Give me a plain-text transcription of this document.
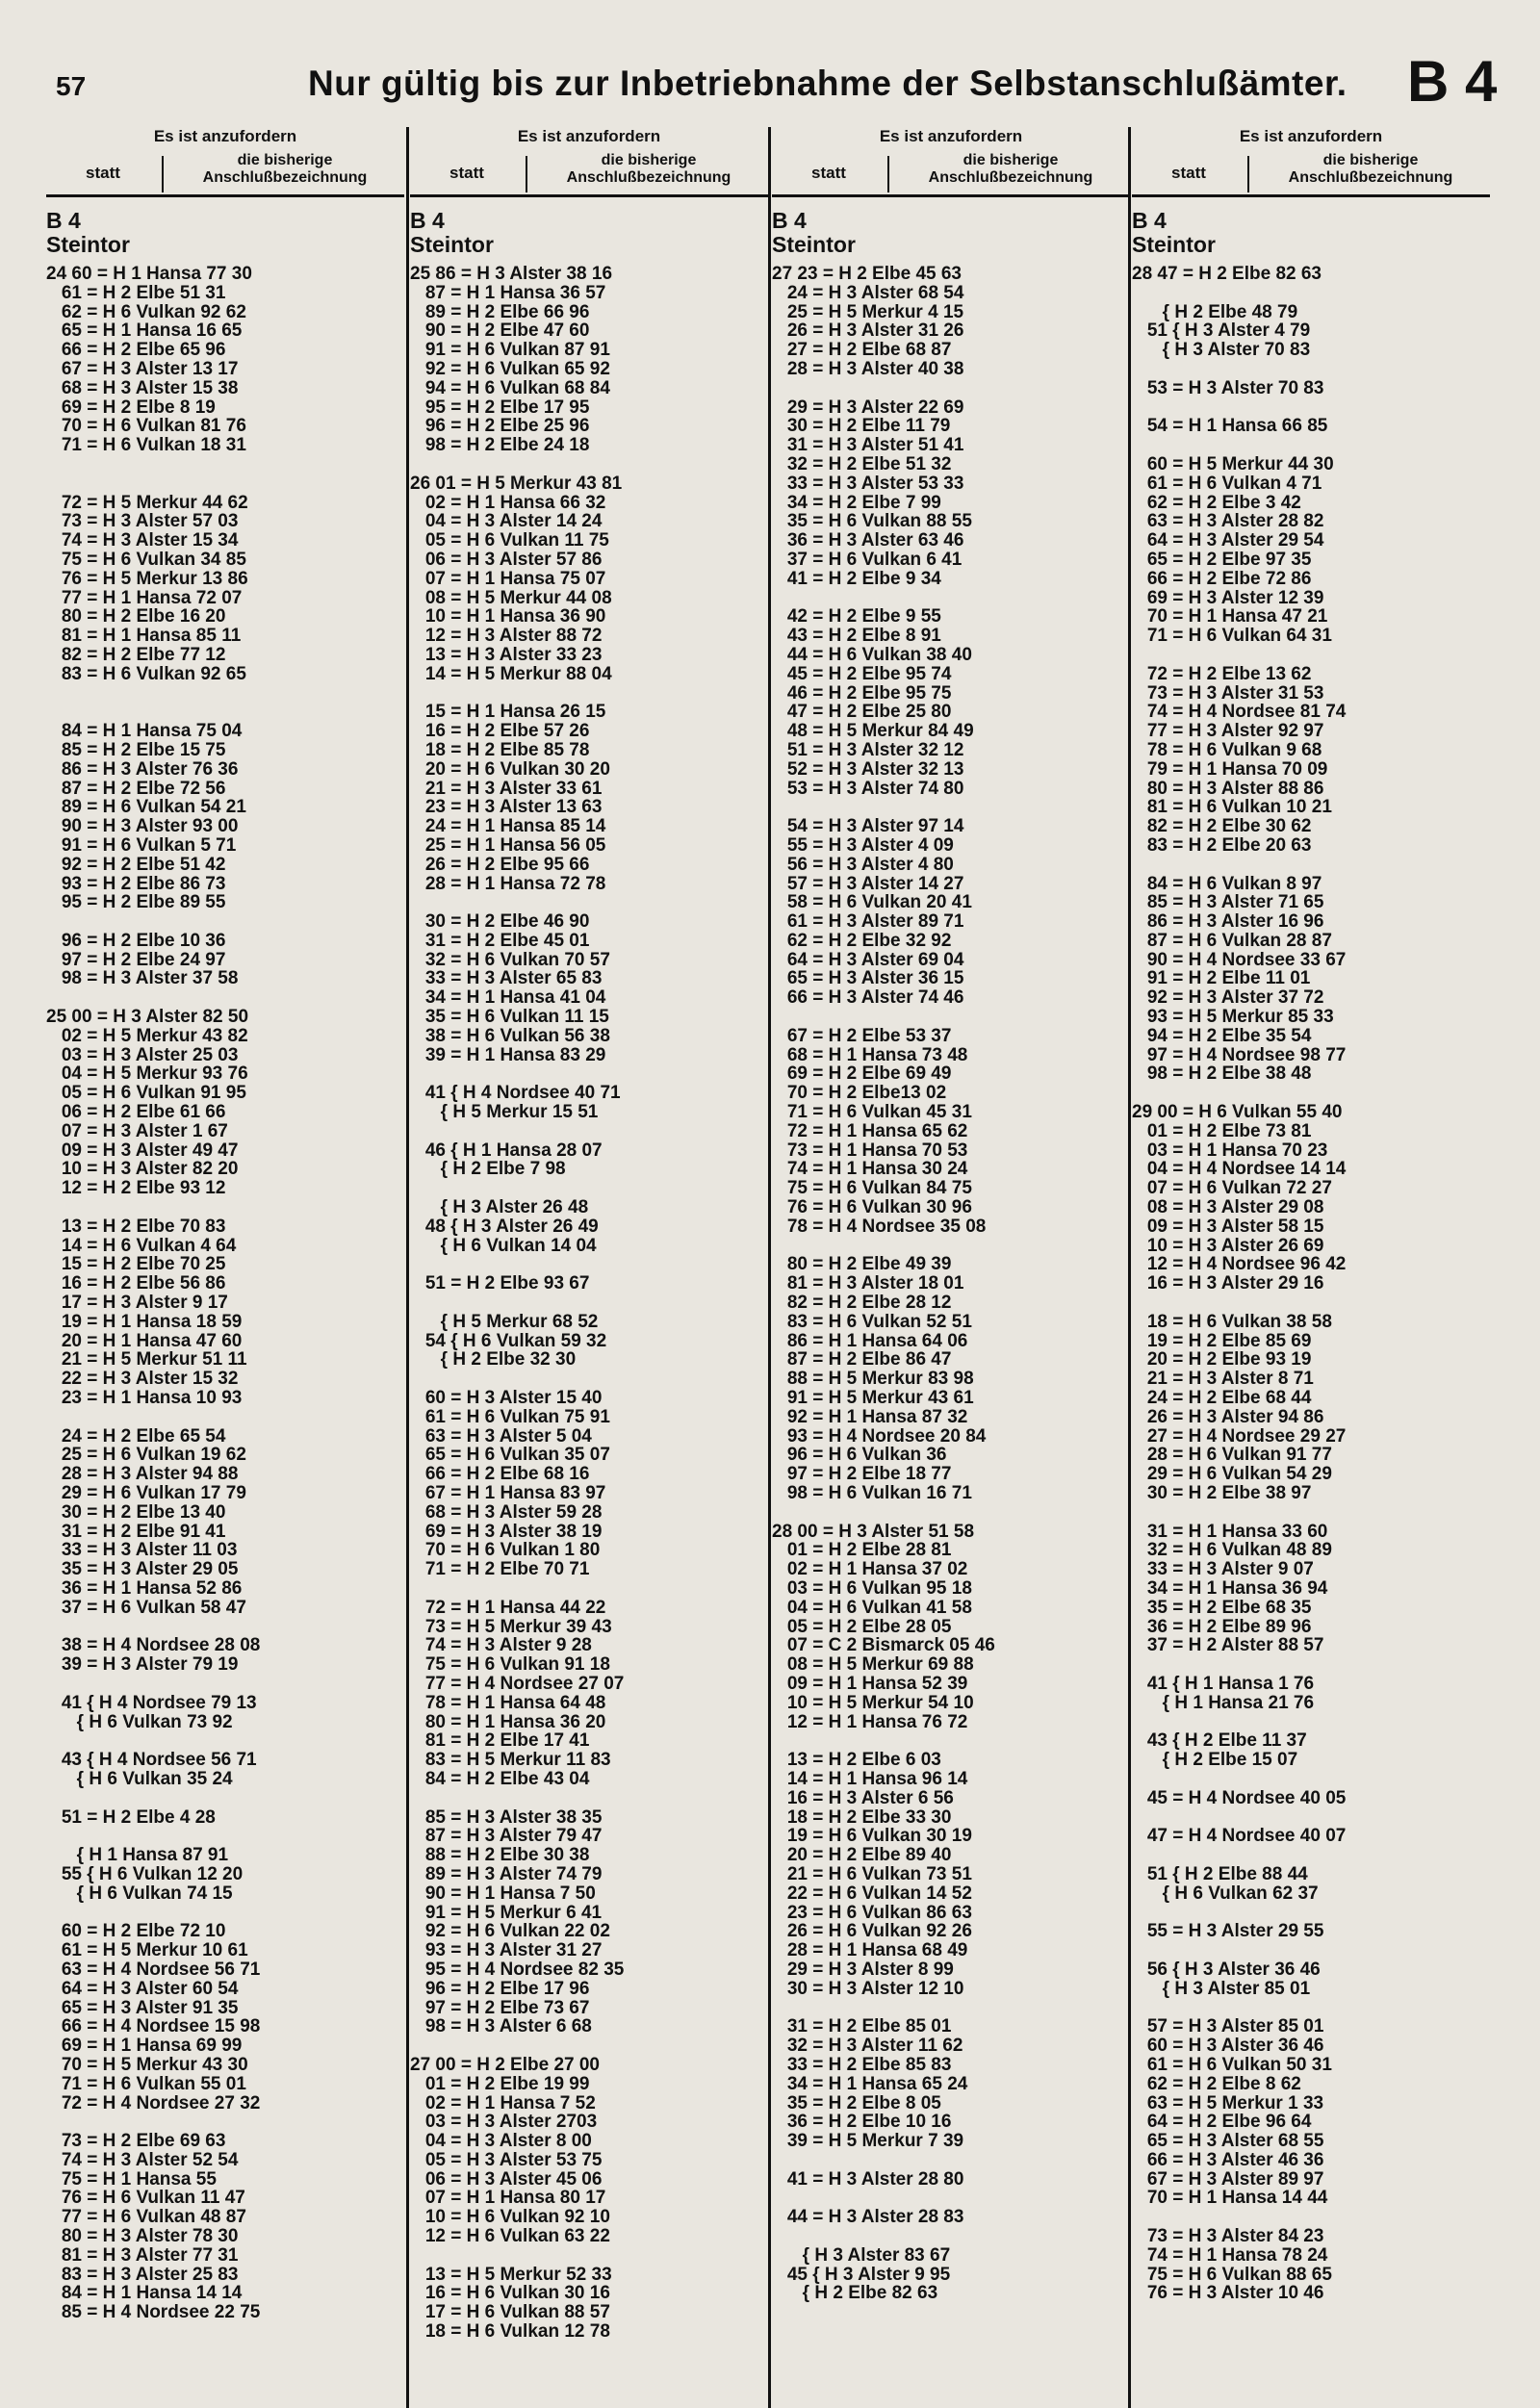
57	Nur gültig bis zur Inbetriebnahme der Selbstanschlußämter. B 4
Es ist anzufordern
statt
die bisherige
Anschlußbezeichnung
B 4
Steintor
24 60 = H 1 Hansa 77 30
61 = H 2 Elbe 51 31
62 = H 6 Vulkan 92 62
65 = H 1 Hansa 16 65
66 = H 2 Elbe 65 96
67 = H 3 Alster 13 17
68 = H 3 Alster 15 38
69 = H 2 Elbe 8 19
70 = H 6 Vulkan 81 76
71 = H 6 Vulkan 18 31

72 = H 5 Merkur 44 62
73 = H 3 Alster 57 03
74 = H 3 Alster 15 34
75 = H 6 Vulkan 34 85
76 = H 5 Merkur 13 86
77 = H 1 Hansa 72 07
80 = H 2 Elbe 16 20
81 = H 1 Hansa 85 11
82 = H 2 Elbe 77 12
83 = H 6 Vulkan 92 65

84 = H 1 Hansa 75 04
85 = H 2 Elbe 15 75
86 = H 3 Alster 76 36
87 = H 2 Elbe 72 56
89 = H 6 Vulkan 54 21
90 = H 3 Alster 93 00
91 = H 6 Vulkan 5 71
92 = H 2 Elbe 51 42
93 = H 2 Elbe 86 73
95 = H 2 Elbe 89 55

96 = H 2 Elbe 10 36
97 = H 2 Elbe 24 97
98 = H 3 Alster 37 58

25 00 = H 3 Alster 82 50
02 = H 5 Merkur 43 82
03 = H 3 Alster 25 03
04 = H 5 Merkur 93 76
05 = H 6 Vulkan 91 95
06 = H 2 Elbe 61 66
07 = H 3 Alster 1 67
09 = H 3 Alster 49 47
10 = H 3 Alster 82 20
12 = H 2 Elbe 93 12

13 = H 2 Elbe 70 83
14 = H 6 Vulkan 4 64
15 = H 2 Elbe 70 25
16 = H 2 Elbe 56 86
17 = H 3 Alster 9 17
19 = H 1 Hansa 18 59
20 = H 1 Hansa 47 60
21 = H 5 Merkur 51 11
22 = H 3 Alster 15 32
23 = H 1 Hansa 10 93

24 = H 2 Elbe 65 54
25 = H 6 Vulkan 19 62
28 = H 3 Alster 94 88
29 = H 6 Vulkan 17 79
30 = H 2 Elbe 13 40
31 = H 2 Elbe 91 41
33 = H 3 Alster 11 03
35 = H 3 Alster 29 05
36 = H 1 Hansa 52 86
37 = H 6 Vulkan 58 47

38 = H 4 Nordsee 28 08
39 = H 3 Alster 79 19

41 { H 4 Nordsee 79 13
{ H 6 Vulkan 73 92

43 { H 4 Nordsee 56 71
{ H 6 Vulkan 35 24

51 = H 2 Elbe 4 28

{ H 1 Hansa 87 91
55 { H 6 Vulkan 12 20
{ H 6 Vulkan 74 15

60 = H 2 Elbe 72 10
61 = H 5 Merkur 10 61
63 = H 4 Nordsee 56 71
64 = H 3 Alster 60 54
65 = H 3 Alster 91 35
66 = H 4 Nordsee 15 98
69 = H 1 Hansa 69 99
70 = H 5 Merkur 43 30
71 = H 6 Vulkan 55 01
72 = H 4 Nordsee 27 32

73 = H 2 Elbe 69 63
74 = H 3 Alster 52 54
75 = H 1 Hansa 55
76 = H 6 Vulkan 11 47
77 = H 6 Vulkan 48 87
80 = H 3 Alster 78 30
81 = H 3 Alster 77 31
83 = H 3 Alster 25 83
84 = H 1 Hansa 14 14
85 = H 4 Nordsee 22 75
Es ist anzufordern
statt
die bisherige
Anschlußbezeichnung
B 4
Steintor
25 86 = H 3 Alster 38 16
87 = H 1 Hansa 36 57
89 = H 2 Elbe 66 96
90 = H 2 Elbe 47 60
91 = H 6 Vulkan 87 91
92 = H 6 Vulkan 65 92
94 = H 6 Vulkan 68 84
95 = H 2 Elbe 17 95
96 = H 2 Elbe 25 96
98 = H 2 Elbe 24 18

26 01 = H 5 Merkur 43 81
02 = H 1 Hansa 66 32
04 = H 3 Alster 14 24
05 = H 6 Vulkan 11 75
06 = H 3 Alster 57 86
07 = H 1 Hansa 75 07
08 = H 5 Merkur 44 08
10 = H 1 Hansa 36 90
12 = H 3 Alster 88 72
13 = H 3 Alster 33 23
14 = H 5 Merkur 88 04

15 = H 1 Hansa 26 15
16 = H 2 Elbe 57 26
18 = H 2 Elbe 85 78
20 = H 6 Vulkan 30 20
21 = H 3 Alster 33 61
23 = H 3 Alster 13 63
24 = H 1 Hansa 85 14
25 = H 1 Hansa 56 05
26 = H 2 Elbe 95 66
28 = H 1 Hansa 72 78

30 = H 2 Elbe 46 90
31 = H 2 Elbe 45 01
32 = H 6 Vulkan 70 57
33 = H 3 Alster 65 83
34 = H 1 Hansa 41 04
35 = H 6 Vulkan 11 15
38 = H 6 Vulkan 56 38
39 = H 1 Hansa 83 29

41 { H 4 Nordsee 40 71
{ H 5 Merkur 15 51

46 { H 1 Hansa 28 07
{ H 2 Elbe 7 98

{ H 3 Alster 26 48
48 { H 3 Alster 26 49
{ H 6 Vulkan 14 04

51 = H 2 Elbe 93 67

{ H 5 Merkur 68 52
54 { H 6 Vulkan 59 32
{ H 2 Elbe 32 30

60 = H 3 Alster 15 40
61 = H 6 Vulkan 75 91
63 = H 3 Alster 5 04
65 = H 6 Vulkan 35 07
66 = H 2 Elbe 68 16
67 = H 1 Hansa 83 97
68 = H 3 Alster 59 28
69 = H 3 Alster 38 19
70 = H 6 Vulkan 1 80
71 = H 2 Elbe 70 71

72 = H 1 Hansa 44 22
73 = H 5 Merkur 39 43
74 = H 3 Alster 9 28
75 = H 6 Vulkan 91 18
77 = H 4 Nordsee 27 07
78 = H 1 Hansa 64 48
80 = H 1 Hansa 36 20
81 = H 2 Elbe 17 41
83 = H 5 Merkur 11 83
84 = H 2 Elbe 43 04

85 = H 3 Alster 38 35
87 = H 3 Alster 79 47
88 = H 2 Elbe 30 38
89 = H 3 Alster 74 79
90 = H 1 Hansa 7 50
91 = H 5 Merkur 6 41
92 = H 6 Vulkan 22 02
93 = H 3 Alster 31 27
95 = H 4 Nordsee 82 35
96 = H 2 Elbe 17 96
97 = H 2 Elbe 73 67
98 = H 3 Alster 6 68

27 00 = H 2 Elbe 27 00
01 = H 2 Elbe 19 99
02 = H 1 Hansa 7 52
03 = H 3 Alster 2703
04 = H 3 Alster 8 00
05 = H 3 Alster 53 75
06 = H 3 Alster 45 06
07 = H 1 Hansa 80 17
10 = H 6 Vulkan 92 10
12 = H 6 Vulkan 63 22

13 = H 5 Merkur 52 33
16 = H 6 Vulkan 30 16
17 = H 6 Vulkan 88 57
18 = H 6 Vulkan 12 78
Es ist anzufordern
statt
die bisherige
Anschlußbezeichnung
B 4
Steintor
27 23 = H 2 Elbe 45 63
24 = H 3 Alster 68 54
25 = H 5 Merkur 4 15
26 = H 3 Alster 31 26
27 = H 2 Elbe 68 87
28 = H 3 Alster 40 38

29 = H 3 Alster 22 69
30 = H 2 Elbe 11 79
31 = H 3 Alster 51 41
32 = H 2 Elbe 51 32
33 = H 3 Alster 53 33
34 = H 2 Elbe 7 99
35 = H 6 Vulkan 88 55
36 = H 3 Alster 63 46
37 = H 6 Vulkan 6 41
41 = H 2 Elbe 9 34

42 = H 2 Elbe 9 55
43 = H 2 Elbe 8 91
44 = H 6 Vulkan 38 40
45 = H 2 Elbe 95 74
46 = H 2 Elbe 95 75
47 = H 2 Elbe 25 80
48 = H 5 Merkur 84 49
51 = H 3 Alster 32 12
52 = H 3 Alster 32 13
53 = H 3 Alster 74 80

54 = H 3 Alster 97 14
55 = H 3 Alster 4 09
56 = H 3 Alster 4 80
57 = H 3 Alster 14 27
58 = H 6 Vulkan 20 41
61 = H 3 Alster 89 71
62 = H 2 Elbe 32 92
64 = H 3 Alster 69 04
65 = H 3 Alster 36 15
66 = H 3 Alster 74 46

67 = H 2 Elbe 53 37
68 = H 1 Hansa 73 48
69 = H 2 Elbe 69 49
70 = H 2 Elbe13 02
71 = H 6 Vulkan 45 31
72 = H 1 Hansa 65 62
73 = H 1 Hansa 70 53
74 = H 1 Hansa 30 24
75 = H 6 Vulkan 84 75
76 = H 6 Vulkan 30 96
78 = H 4 Nordsee 35 08

80 = H 2 Elbe 49 39
81 = H 3 Alster 18 01
82 = H 2 Elbe 28 12
83 = H 6 Vulkan 52 51
86 = H 1 Hansa 64 06
87 = H 2 Elbe 86 47
88 = H 5 Merkur 83 98
91 = H 5 Merkur 43 61
92 = H 1 Hansa 87 32
93 = H 4 Nordsee 20 84
96 = H 6 Vulkan 36
97 = H 2 Elbe 18 77
98 = H 6 Vulkan 16 71

28 00 = H 3 Alster 51 58
01 = H 2 Elbe 28 81
02 = H 1 Hansa 37 02
03 = H 6 Vulkan 95 18
04 = H 6 Vulkan 41 58
05 = H 2 Elbe 28 05
07 = C 2 Bismarck 05 46
08 = H 5 Merkur 69 88
09 = H 1 Hansa 52 39
10 = H 5 Merkur 54 10
12 = H 1 Hansa 76 72

13 = H 2 Elbe 6 03
14 = H 1 Hansa 96 14
16 = H 3 Alster 6 56
18 = H 2 Elbe 33 30
19 = H 6 Vulkan 30 19
20 = H 2 Elbe 89 40
21 = H 6 Vulkan 73 51
22 = H 6 Vulkan 14 52
23 = H 6 Vulkan 86 63
26 = H 6 Vulkan 92 26
28 = H 1 Hansa 68 49
29 = H 3 Alster 8 99
30 = H 3 Alster 12 10

31 = H 2 Elbe 85 01
32 = H 3 Alster 11 62
33 = H 2 Elbe 85 83
34 = H 1 Hansa 65 24
35 = H 2 Elbe 8 05
36 = H 2 Elbe 10 16
39 = H 5 Merkur 7 39

41 = H 3 Alster 28 80

44 = H 3 Alster 28 83

{ H 3 Alster 83 67
45 { H 3 Alster 9 95
{ H 2 Elbe 82 63
Es ist anzufordern
statt
die bisherige
Anschlußbezeichnung
B 4
Steintor
28 47 = H 2 Elbe 82 63

{ H 2 Elbe 48 79
51 { H 3 Alster 4 79
{ H 3 Alster 70 83

53 = H 3 Alster 70 83

54 = H 1 Hansa 66 85

60 = H 5 Merkur 44 30
61 = H 6 Vulkan 4 71
62 = H 2 Elbe 3 42
63 = H 3 Alster 28 82
64 = H 3 Alster 29 54
65 = H 2 Elbe 97 35
66 = H 2 Elbe 72 86
69 = H 3 Alster 12 39
70 = H 1 Hansa 47 21
71 = H 6 Vulkan 64 31

72 = H 2 Elbe 13 62
73 = H 3 Alster 31 53
74 = H 4 Nordsee 81 74
77 = H 3 Alster 92 97
78 = H 6 Vulkan 9 68
79 = H 1 Hansa 70 09
80 = H 3 Alster 88 86
81 = H 6 Vulkan 10 21
82 = H 2 Elbe 30 62
83 = H 2 Elbe 20 63

84 = H 6 Vulkan 8 97
85 = H 3 Alster 71 65
86 = H 3 Alster 16 96
87 = H 6 Vulkan 28 87
90 = H 4 Nordsee 33 67
91 = H 2 Elbe 11 01
92 = H 3 Alster 37 72
93 = H 5 Merkur 85 33
94 = H 2 Elbe 35 54
97 = H 4 Nordsee 98 77
98 = H 2 Elbe 38 48

29 00 = H 6 Vulkan 55 40
01 = H 2 Elbe 73 81
03 = H 1 Hansa 70 23
04 = H 4 Nordsee 14 14
07 = H 6 Vulkan 72 27
08 = H 3 Alster 29 08
09 = H 3 Alster 58 15
10 = H 3 Alster 26 69
12 = H 4 Nordsee 96 42
16 = H 3 Alster 29 16

18 = H 6 Vulkan 38 58
19 = H 2 Elbe 85 69
20 = H 2 Elbe 93 19
21 = H 3 Alster 8 71
24 = H 2 Elbe 68 44
26 = H 3 Alster 94 86
27 = H 4 Nordsee 29 27
28 = H 6 Vulkan 91 77
29 = H 6 Vulkan 54 29
30 = H 2 Elbe 38 97

31 = H 1 Hansa 33 60
32 = H 6 Vulkan 48 89
33 = H 3 Alster 9 07
34 = H 1 Hansa 36 94
35 = H 2 Elbe 68 35
36 = H 2 Elbe 89 96
37 = H 2 Alster 88 57

41 { H 1 Hansa 1 76
{ H 1 Hansa 21 76

43 { H 2 Elbe 11 37
{ H 2 Elbe 15 07

45 = H 4 Nordsee 40 05

47 = H 4 Nordsee 40 07

51 { H 2 Elbe 88 44
{ H 6 Vulkan 62 37

55 = H 3 Alster 29 55

56 { H 3 Alster 36 46
{ H 3 Alster 85 01

57 = H 3 Alster 85 01
60 = H 3 Alster 36 46
61 = H 6 Vulkan 50 31
62 = H 2 Elbe 8 62
63 = H 5 Merkur 1 33
64 = H 2 Elbe 96 64
65 = H 3 Alster 68 55
66 = H 3 Alster 46 36
67 = H 3 Alster 89 97
70 = H 1 Hansa 14 44

73 = H 3 Alster 84 23
74 = H 1 Hansa 78 24
75 = H 6 Vulkan 88 65
76 = H 3 Alster 10 46
